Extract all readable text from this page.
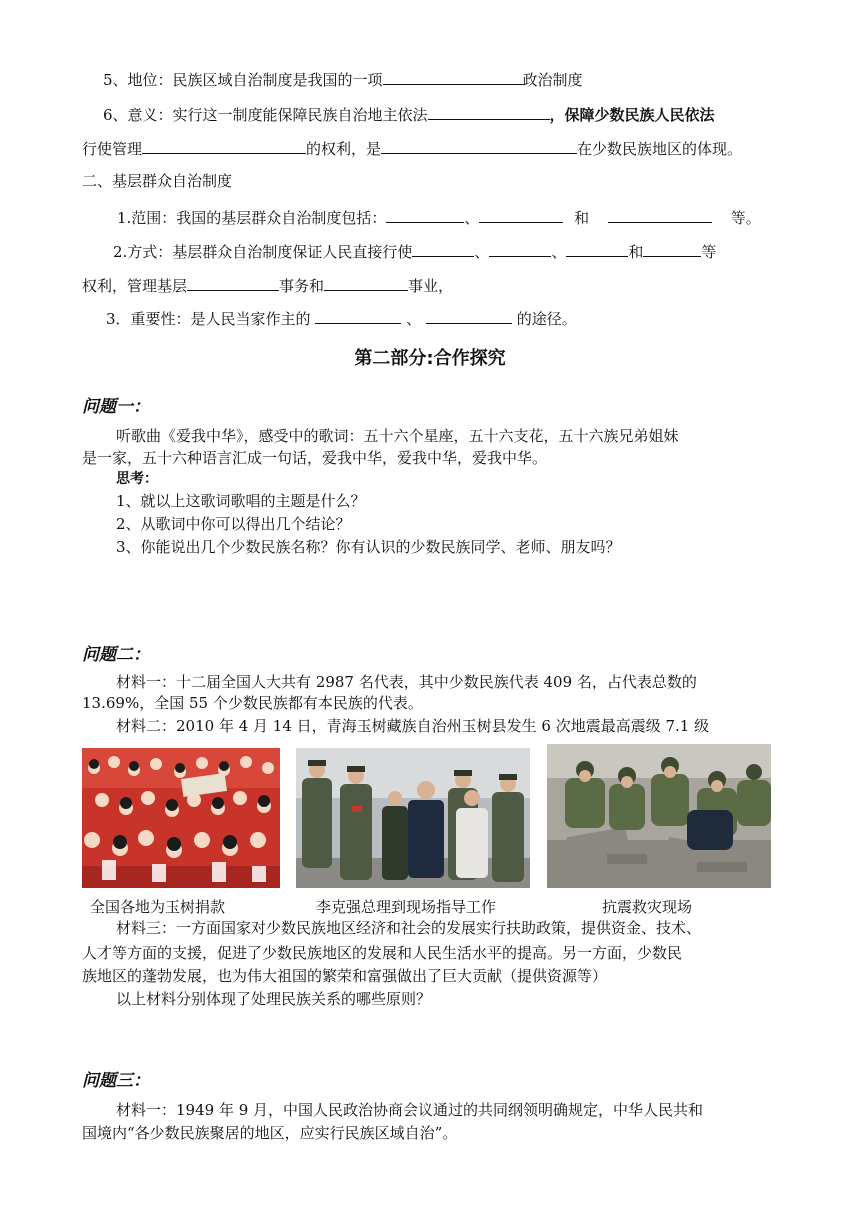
5、地位：民族区域自治制度是我国的一项	政治制度
6、意义：实行这一制度能保障民族自治地主依法	，保障少数民族人民依法
行使管理	的权利，是	在少数民族地区的体现。
二、基层群众自治制度
1.范围：我国的基层群众自治制度包括：	、	和	等。
2.方式：基层群众自治制度保证人民直接行使	、	、	和	等
权利，管理基层	事务和	事业，
3．重要性：是人民当家作主的	、	的途径。
第二部分:合作探究
问题一：
听歌曲《爱我中华》，感受中的歌词：五十六个星座，五十六支花，五十六族兄弟姐妹
是一家，五十六种语言汇成一句话，爱我中华，爱我中华，爱我中华。
思考：
1、就以上这歌词歌唱的主题是什么？
2、从歌词中你可以得出几个结论？
3、你能说出几个少数民族名称？你有认识的少数民族同学、老师、朋友吗？
问题二：
材料一：十二届全国人大共有 2987 名代表，其中少数民族代表 409 名，占代表总数的
13.69%，全国 55 个少数民族都有本民族的代表。
材料二：2010 年 4 月 14 日，青海玉树藏族自治州玉树县发生 6 次地震最高震级 7.1 级
全国各地为玉树捐款	李克强总理到现场指导工作	抗震救灾现场
材料三：一方面国家对少数民族地区经济和社会的发展实行扶助政策，提供资金、技术、
人才等方面的支援，促进了少数民族地区的发展和人民生活水平的提高。另一方面，少数民
族地区的蓬勃发展，也为伟大祖国的繁荣和富强做出了巨大贡献（提供资源等）
以上材料分别体现了处理民族关系的哪些原则？
问题三：
材料一：1949 年 9 月，中国人民政治协商会议通过的共同纲领明确规定，中华人民共和
国境内“各少数民族聚居的地区，应实行民族区域自治”。
